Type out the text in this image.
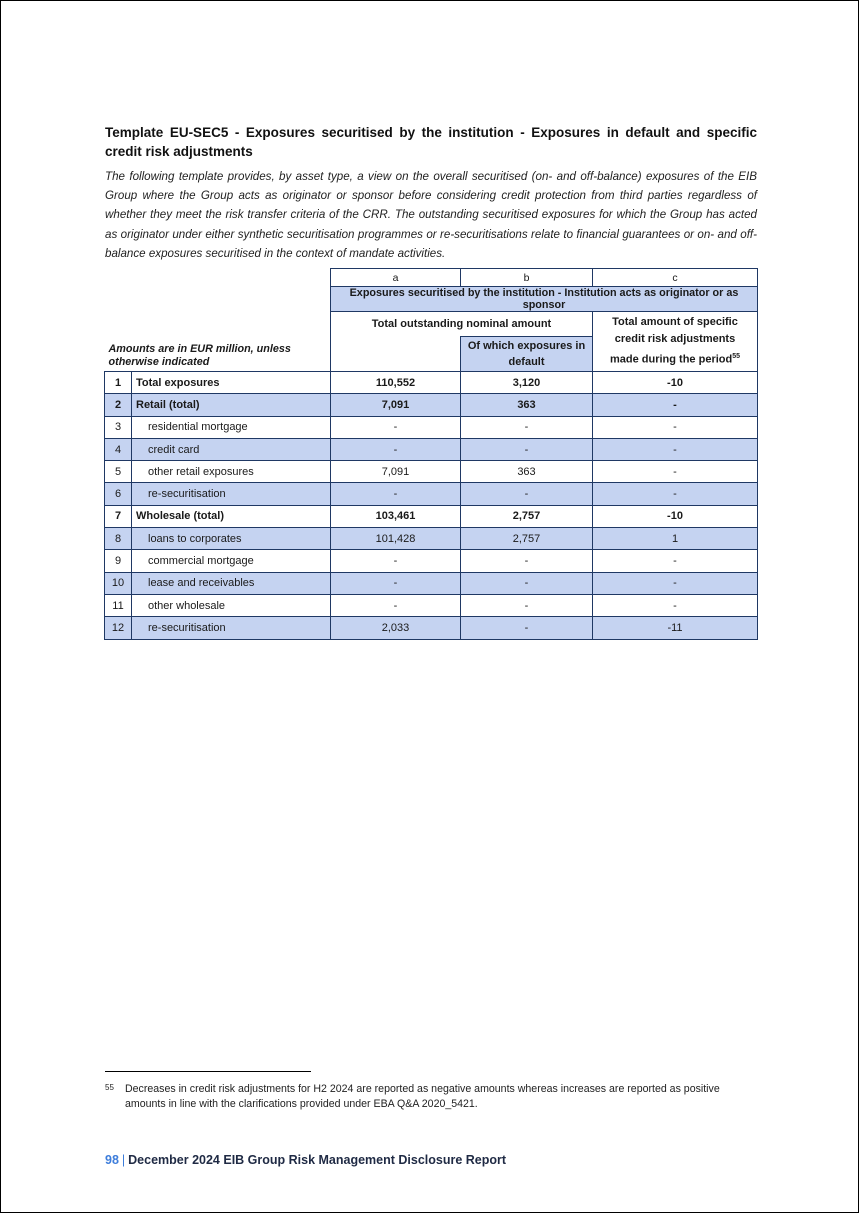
Template EU-SEC5 - Exposures securitised by the institution - Exposures in default and specific credit risk adjustments
The following template provides, by asset type, a view on the overall securitised (on- and off-balance) exposures of the EIB Group where the Group acts as originator or sponsor before considering credit protection from third parties regardless of whether they meet the risk transfer criteria of the CRR. The outstanding securitised exposures for which the Group has acted as originator under either synthetic securitisation programmes or re-securitisations relate to financial guarantees or on- and off-balance exposures securitised in the context of mandate activities.
		a	b	c
		Exposures securitised by the institution - Institution acts as originator or as sponsor		
Amounts are in EUR million, unless otherwise indicated		Total outstanding nominal amount		Total amount of specific credit risk adjustments made during the period$^{55}$
			Of which exposures in default	
1	Total exposures	110,552	3,120	-10
2	Retail (total)	7,091	363	-
3	residential mortgage	-	-	-
4	credit card	-	-	-
5	other retail exposures	7,091	363	-
6	re-securitisation	-	-	-
7	Wholesale (total)	103,461	2,757	-10
8	loans to corporates	101,428	2,757	1
9	commercial mortgage	-	-	-
10	lease and receivables	-	-	-
11	other wholesale	-	-	-
12	re-securitisation	2,033	-	-11
55 Decreases in credit risk adjustments for H2 2024 are reported as negative amounts whereas increases are reported as positive amounts in line with the clarifications provided under EBA Q&A 2020_5421.
98 | December 2024 EIB Group Risk Management Disclosure Report
